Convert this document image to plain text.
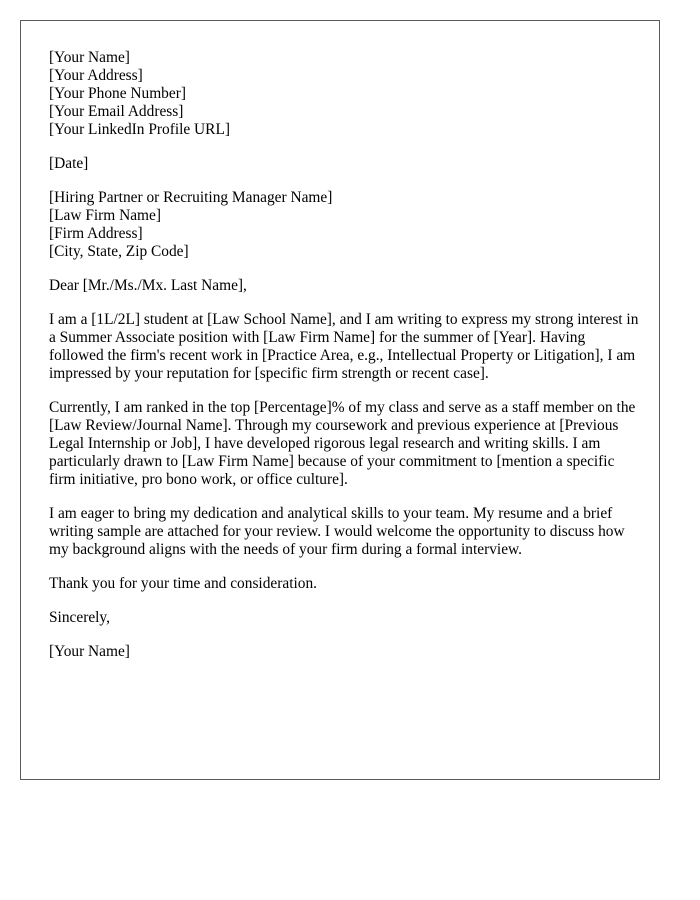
[Your Name]
[Your Address]
[Your Phone Number]
[Your Email Address]
[Your LinkedIn Profile URL]
[Date]
[Hiring Partner or Recruiting Manager Name]
[Law Firm Name]
[Firm Address]
[City, State, Zip Code]

Dear [Mr./Ms./Mx. Last Name],

I am a [1L/2L] student at [Law School Name], and I am writing to express my strong interest in a Summer Associate position with [Law Firm Name] for the summer of [Year]. Having followed the firm's recent work in [Practice Area, e.g., Intellectual Property or Litigation], I am impressed by your reputation for [specific firm strength or recent case].

Currently, I am ranked in the top [Percentage]% of my class and serve as a staff member on the [Law Review/Journal Name]. Through my coursework and previous experience at [Previous Legal Internship or Job], I have developed rigorous legal research and writing skills. I am particularly drawn to [Law Firm Name] because of your commitment to [mention a specific firm initiative, pro bono work, or office culture].

I am eager to bring my dedication and analytical skills to your team. My resume and a brief writing sample are attached for your review. I would welcome the opportunity to discuss how my background aligns with the needs of your firm during a formal interview.

Thank you for your time and consideration.

Sincerely,

[Your Name]
